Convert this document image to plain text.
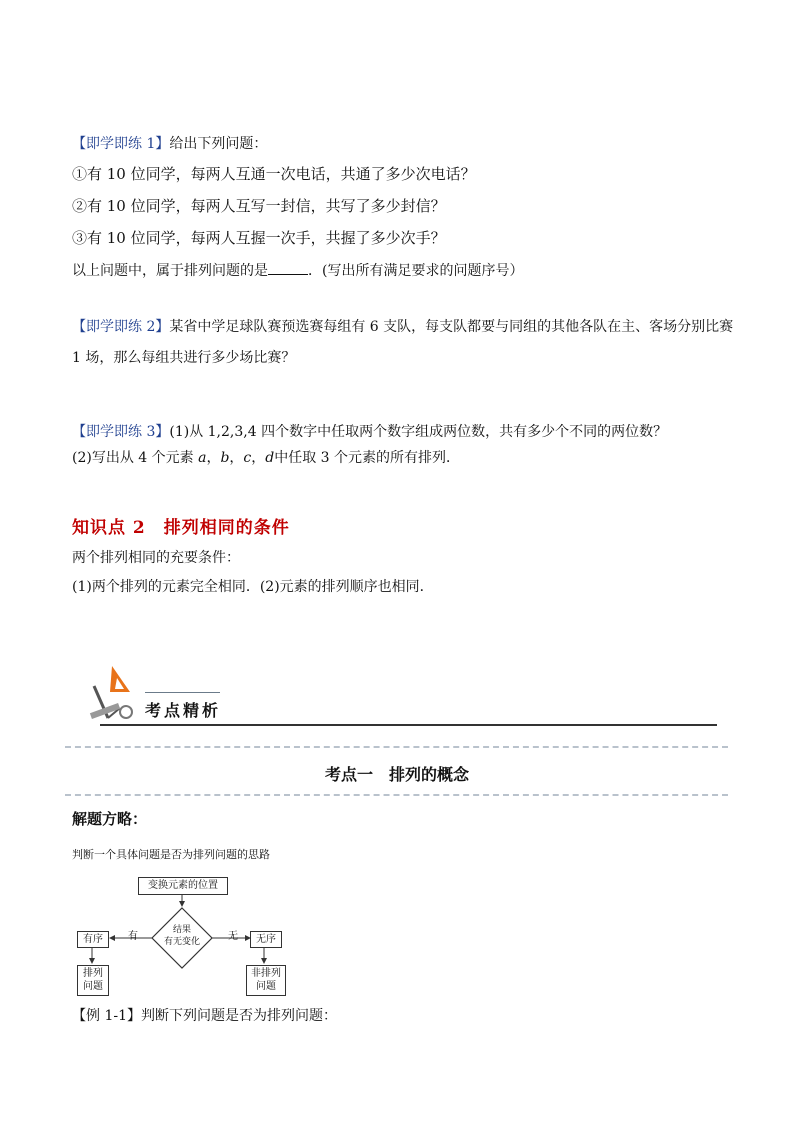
【即学即练 1】给出下列问题：
①有 10 位同学，每两人互通一次电话，共通了多少次电话？
②有 10 位同学，每两人互写一封信，共写了多少封信？
③有 10 位同学，每两人互握一次手，共握了多少次手？
以上问题中，属于排列问题的是	．(写出所有满足要求的问题序号）
【即学即练 2】某省中学足球队赛预选赛每组有 6 支队，每支队都要与同组的其他各队在主、客场分别比赛
1 场，那么每组共进行多少场比赛？
【即学即练 3】(1)从 1,2,3,4 四个数字中任取两个数字组成两位数，共有多少个不同的两位数？
(2)写出从 4 个元素 a，b，c，d中任取 3 个元素的所有排列．
知识点 2　排列相同的条件
两个排列相同的充要条件：
(1)两个排列的元素完全相同．(2)元素的排列顺序也相同．
考点精析
考点一　排列的概念
解题方略：
判断一个具体问题是否为排列问题的思路
变换元素的位置
结果
有无变化
有	无
有序	无序
排列
问题
非排列
问题
【例 1-1】判断下列问题是否为排列问题：
